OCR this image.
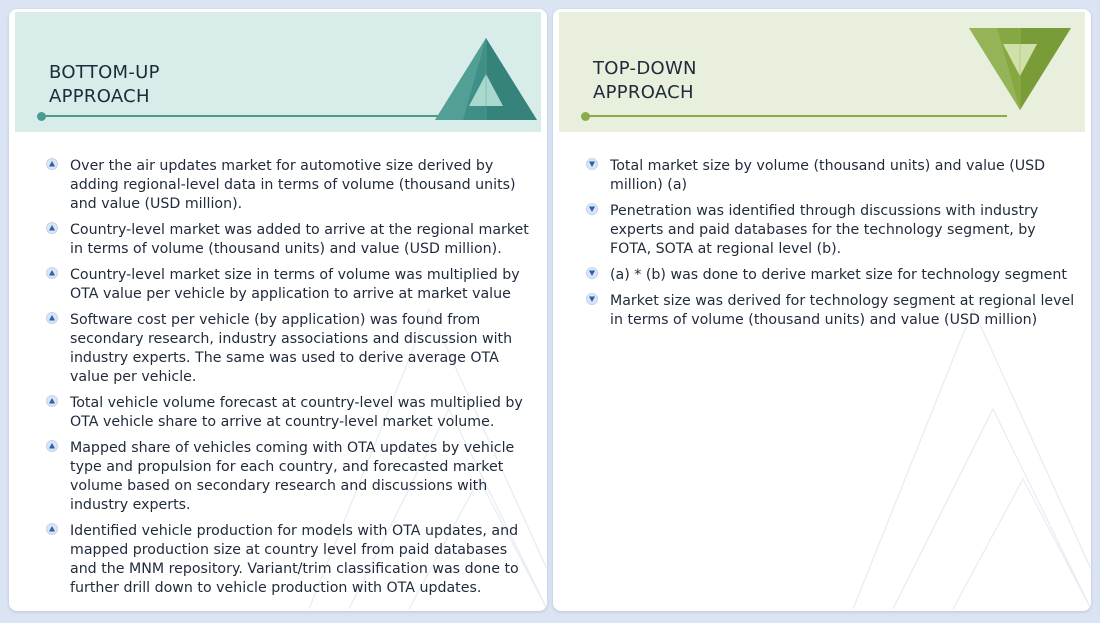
BOTTOM-UP
APPROACH
Over the air updates market for automotive size derived by adding regional-level data in terms of volume (thousand units) and value (USD million).
Country-level market was added to arrive at the regional market in terms of volume (thousand units) and value (USD million).
Country-level market size in terms of volume was multiplied by OTA value per vehicle by application to arrive at market value
Software cost per vehicle (by application) was found from secondary research, industry associations and discussion with industry experts. The same was used to derive average OTA value per vehicle.
Total vehicle volume forecast at country-level was multiplied by OTA vehicle share to arrive at country-level market volume.
Mapped share of vehicles coming with OTA updates by vehicle type and propulsion for each country, and forecasted market volume based on secondary research and discussions with industry experts.
Identified vehicle production for models with OTA updates, and mapped production size at country level from paid databases and the MNM repository. Variant/trim classification was done to further drill down to vehicle production with OTA updates.
TOP-DOWN
APPROACH
Total market size by volume (thousand units) and value (USD million) (a)
Penetration was identified through discussions with industry experts and paid databases for the technology segment, by FOTA, SOTA at regional level (b).
(a) * (b) was done to derive market size for technology segment
Market size was derived for technology segment at regional level in terms of volume (thousand units) and value (USD million)
